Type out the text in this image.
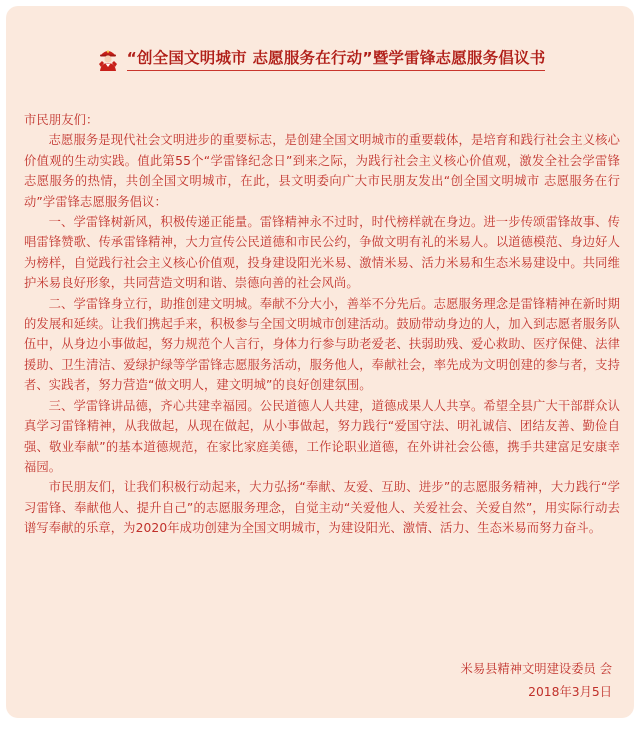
“创全国文明城市 志愿服务在行动”暨学雷锋志愿服务倡议书

市民朋友们：

志愿服务是现代社会文明进步的重要标志，是创建全国文明城市的重要载体，是培育和践行社会主义核心价值观的生动实践。值此第55个“学雷锋纪念日”到来之际，为践行社会主义核心价值观，激发全社会学雷锋志愿服务的热情，共创全国文明城市，在此，县文明委向广大市民朋友发出“创全国文明城市 志愿服务在行动”学雷锋志愿服务倡议：

一、学雷锋树新风，积极传递正能量。雷锋精神永不过时，时代榜样就在身边。进一步传颂雷锋故事、传唱雷锋赞歌、传承雷锋精神，大力宣传公民道德和市民公约，争做文明有礼的米易人。以道德模范、身边好人为榜样，自觉践行社会主义核心价值观，投身建设阳光米易、激情米易、活力米易和生态米易建设中。共同维护米易良好形象，共同营造文明和谐、崇德向善的社会风尚。

二、学雷锋身立行，助推创建文明城。奉献不分大小，善举不分先后。志愿服务理念是雷锋精神在新时期的发展和延续。让我们携起手来，积极参与全国文明城市创建活动。鼓励带动身边的人，加入到志愿者服务队伍中，从身边小事做起，努力规范个人言行，身体力行参与助老爱老、扶弱助残、爱心救助、医疗保健、法律援助、卫生清洁、爱绿护绿等学雷锋志愿服务活动，服务他人，奉献社会，率先成为文明创建的参与者，支持者、实践者，努力营造“做文明人，建文明城”的良好创建氛围。

三、学雷锋讲品德，齐心共建幸福园。公民道德人人共建，道德成果人人共享。希望全县广大干部群众认真学习雷锋精神，从我做起，从现在做起，从小事做起，努力践行“爱国守法、明礼诚信、团结友善、勤俭自强、敬业奉献”的基本道德规范，在家比家庭美德，工作论职业道德，在外讲社会公德，携手共建富足安康幸福园。

市民朋友们，让我们积极行动起来，大力弘扬“奉献、友爱、互助、进步”的志愿服务精神，大力践行“学习雷锋、奉献他人、提升自己”的志愿服务理念，自觉主动“关爱他人、关爱社会、关爱自然”，用实际行动去谱写奉献的乐章，为2020年成功创建为全国文明城市，为建设阳光、激情、活力、生态米易而努力奋斗。

米易县精神文明建设委员 会
2018年3月5日
